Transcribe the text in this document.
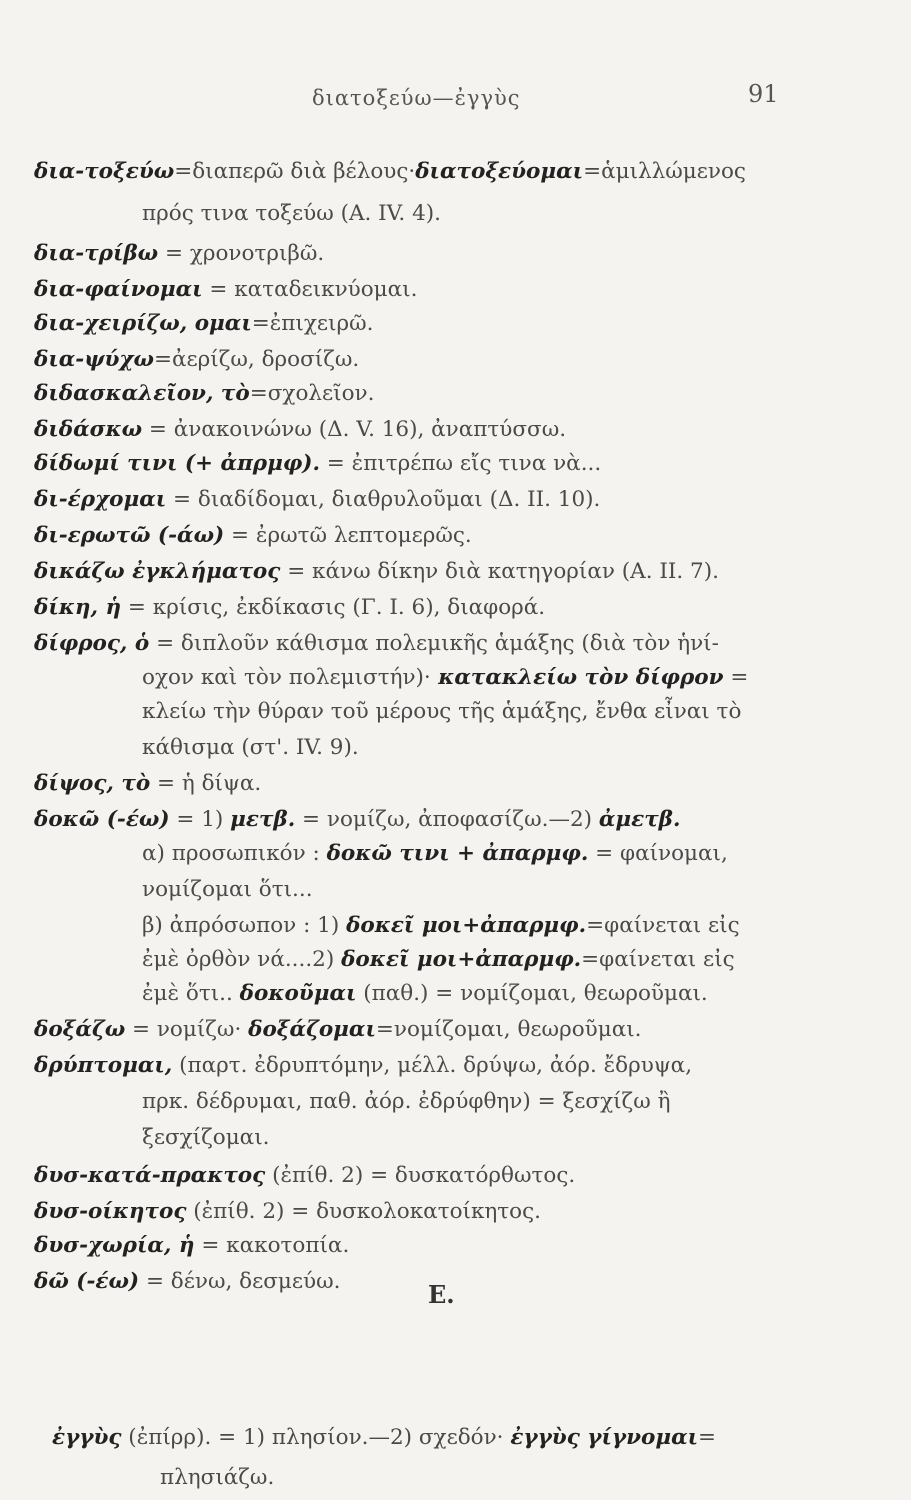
διατοξεύω—ἐγγὺς	91
δια-τοξεύω=διαπερῶ διὰ βέλους·διατοξεύομαι=ἁμιλλώμενος
πρός τινα τοξεύω (Α. IV. 4).
δια-τρίβω = χρονοτριβῶ.
δια-φαίνομαι = καταδεικνύομαι.
δια-χειρίζω, ομαι=ἐπιχειρῶ.
δια-ψύχω=ἀερίζω, δροσίζω.
διδασκαλεῖον, τὸ=σχολεῖον.
διδάσκω = ἀνακοινώνω (Δ. V. 16), ἀναπτύσσω.
δίδωμί τινι (+ ἀπρμφ). = ἐπιτρέπω εἴς τινα νὰ...
δι-έρχομαι = διαδίδομαι, διαθρυλοῦμαι (Δ. II. 10).
δι-ερωτῶ (-άω) = ἐρωτῶ λεπτομερῶς.
δικάζω ἐγκλήματος = κάνω δίκην διὰ κατηγορίαν (Α. II. 7).
δίκη, ἡ = κρίσις, ἐκδίκασις (Γ. I. 6), διαφορά.
δίφρος, ὁ = διπλοῦν κάθισμα πολεμικῆς ἁμάξης (διὰ τὸν ἡνί-
οχον καὶ τὸν πολεμιστήν)· κατακλείω τὸν δίφρον =
κλείω τὴν θύραν τοῦ μέρους τῆς ἁμάξης, ἔνθα εἶναι τὸ
κάθισμα (στ'. IV. 9).
δίψος, τὸ = ἡ δίψα.
δοκῶ (-έω) = 1) μετβ. = νομίζω, ἀποφασίζω.—2) ἀμετβ.
α) προσωπικόν : δοκῶ τινι + ἀπαρμφ. = φαίνομαι,
νομίζομαι ὅτι...
β) ἀπρόσωπον : 1) δοκεῖ μοι+ἀπαρμφ.=φαίνεται εἰς
ἐμὲ ὀρθὸν νά....2) δοκεῖ μοι+ἀπαρμφ.=φαίνεται εἰς
ἐμὲ ὅτι.. δοκοῦμαι (παθ.) = νομίζομαι, θεωροῦμαι.
δοξάζω = νομίζω· δοξάζομαι=νομίζομαι, θεωροῦμαι.
δρύπτομαι, (παρτ. ἐδρυπτόμην, μέλλ. δρύψω, ἀόρ. ἔδρυψα,
πρκ. δέδρυμαι, παθ. ἀόρ. ἐδρύφθην) = ξεσχίζω ἢ
ξεσχίζομαι.
δυσ-κατά-πρακτος (ἐπίθ. 2) = δυσκατόρθωτος.
δυσ-οίκητος (ἐπίθ. 2) = δυσκολοκατοίκητος.
δυσ-χωρία, ἡ = κακοτοπία.
δῶ (-έω) = δένω, δεσμεύω.	Ε.
ἐγγὺς (ἐπίρρ). = 1) πλησίον.—2) σχεδόν· ἐγγὺς γίγνομαι=
πλησιάζω.
